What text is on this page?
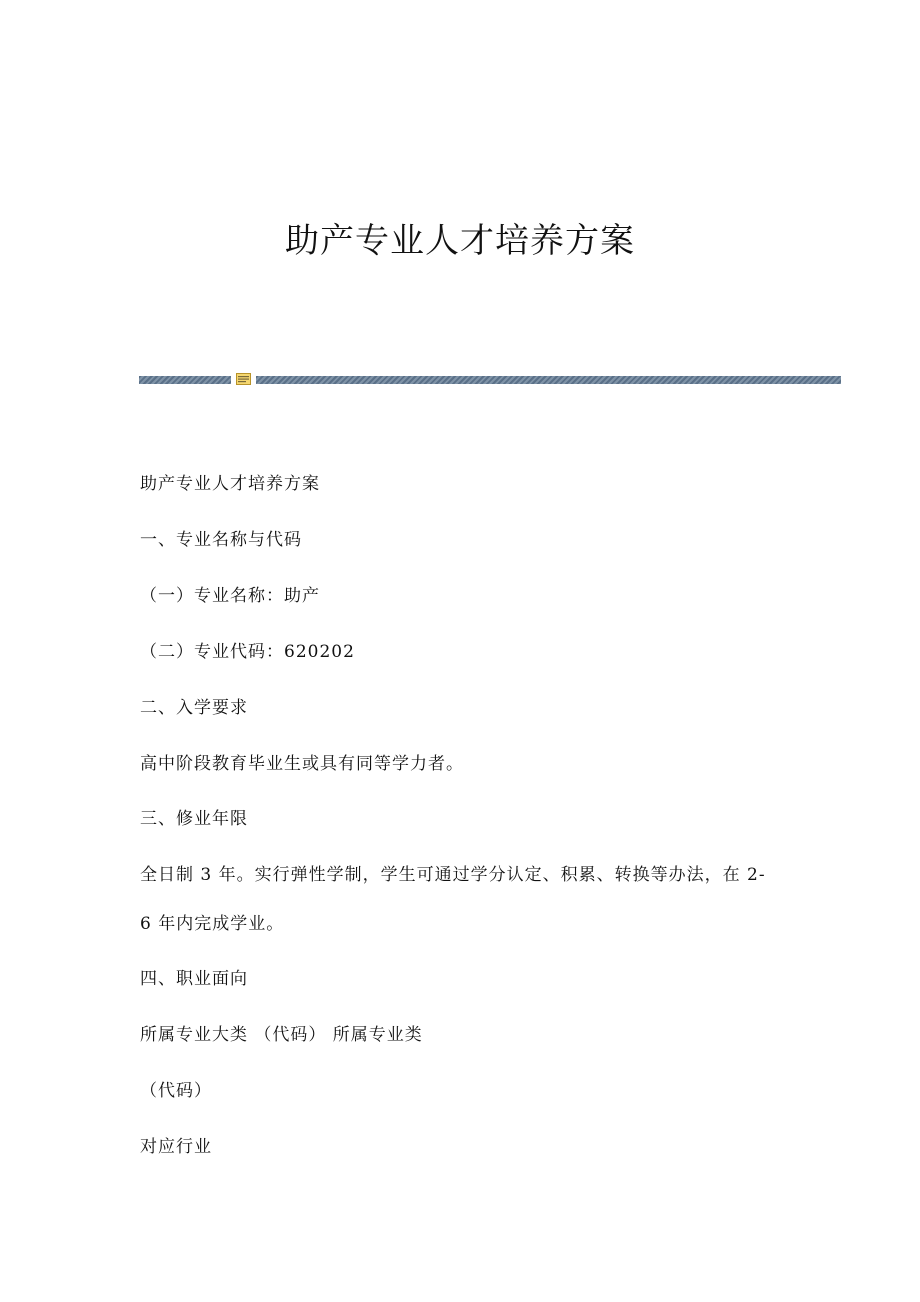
助产专业人才培养方案

助产专业人才培养方案

一、专业名称与代码

（一）专业名称：助产

（二）专业代码：620202

二、入学要求

高中阶段教育毕业生或具有同等学力者。

三、修业年限

全日制 3 年。实行弹性学制，学生可通过学分认定、积累、转换等办法，在 2-

6 年内完成学业。

四、职业面向

所属专业大类 （代码） 所属专业类

（代码）

对应行业
